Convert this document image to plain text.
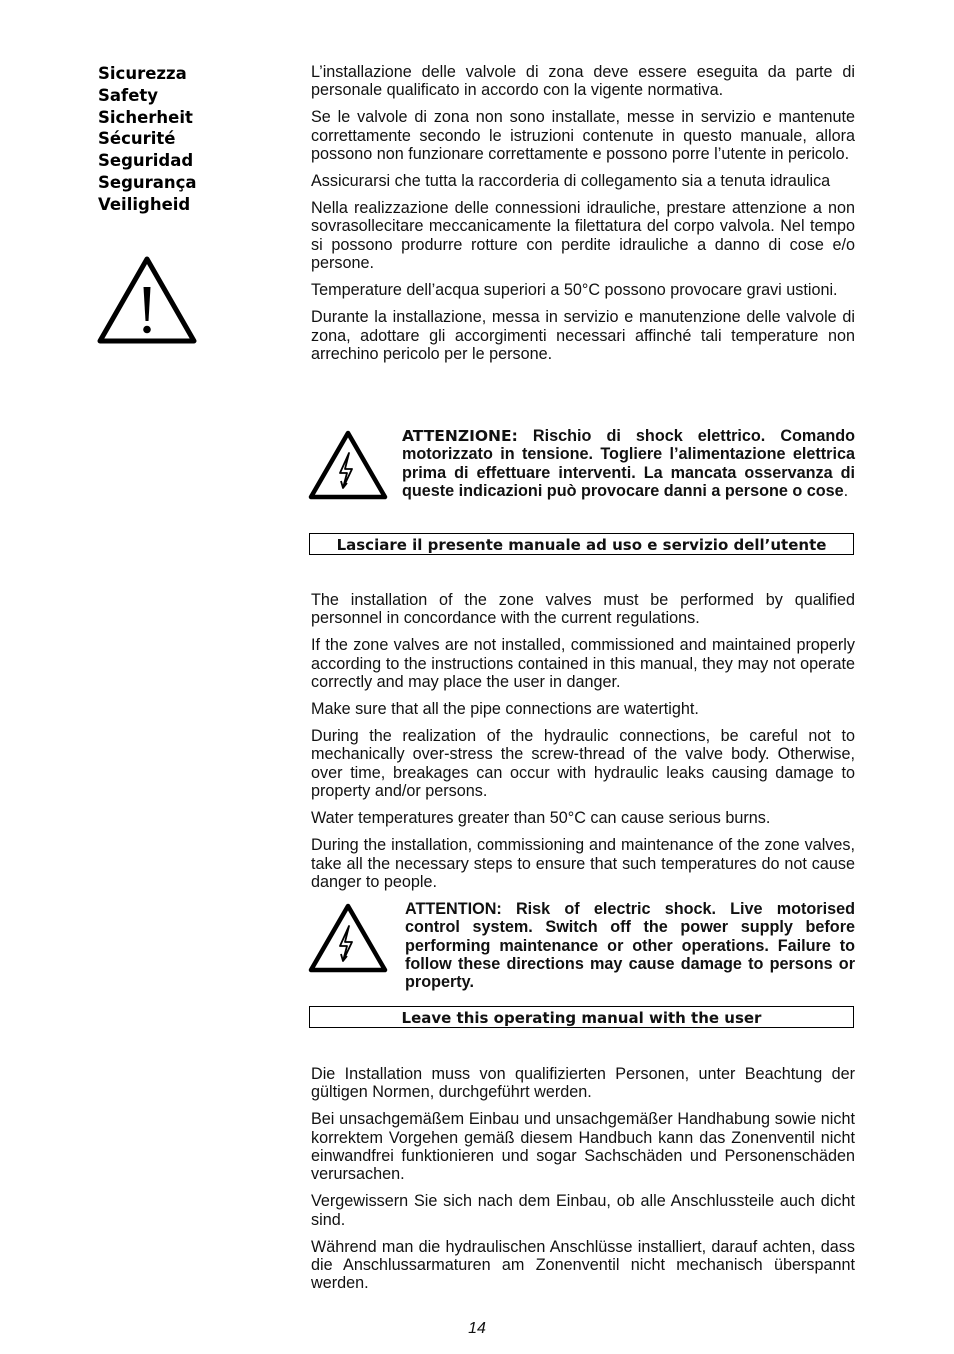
Sicurezza
Safety
Sicherheit
Sécurité
Seguridad
Segurança
Veiligheid

L’installazione delle valvole di zona deve essere eseguita da parte di personale qualificato in accordo con la vigente normativa.

Se le valvole di zona non sono installate, messe in servizio e mantenute correttamente secondo le istruzioni contenute in questo manuale, allora possono non funzionare correttamente e possono porre l’utente in pericolo.

Assicurarsi che tutta la raccorderia di collegamento sia a tenuta idraulica

Nella realizzazione delle connessioni idrauliche, prestare attenzione a non sovrasollecitare meccanicamente la filettatura del corpo valvola. Nel tempo si possono produrre rotture con perdite idrauliche a danno di cose e/o persone.

Temperature dell’acqua superiori a 50°C possono provocare gravi ustioni.

Durante la installazione, messa in servizio e manutenzione delle valvole di zona, adottare gli accorgimenti necessari affinché tali temperature non arrechino pericolo per le persone.

ATTENZIONE: Rischio di shock elettrico. Comando motorizzato in tensione. Togliere l’alimentazione elettrica prima di effettuare interventi. La mancata osservanza di queste indicazioni può provocare danni a persone o cose.
Lasciare il presente manuale ad uso e servizio dell’utente

The installation of the zone valves must be performed by qualified personnel in concordance with the current regulations.

If the zone valves are not installed, commissioned and maintained properly according to the instructions contained in this manual, they may not operate correctly and may place the user in danger.

Make sure that all the pipe connections are watertight.

During the realization of the hydraulic connections, be careful not to mechanically over-stress the screw-thread of the valve body. Otherwise, over time, breakages can occur with hydraulic leaks causing damage to property and/or persons.

Water temperatures greater than 50°C can cause serious burns.

During the installation, commissioning and maintenance of the zone valves, take all the necessary steps to ensure that such temperatures do not cause danger to people.

ATTENTION: Risk of electric shock. Live motorised control system. Switch off the power supply before performing maintenance or other operations. Failure to follow these directions may cause damage to persons or property.
Leave this operating manual with the user

Die Installation muss von qualifizierten Personen, unter Beachtung der gültigen Normen, durchgeführt werden.

Bei unsachgemäßem Einbau und unsachgemäßer Handhabung sowie nicht korrektem Vorgehen gemäß diesem Handbuch kann das Zonenventil nicht einwandfrei funktionieren und sogar Sachschäden und Personenschäden verursachen.

Vergewissern Sie sich nach dem Einbau, ob alle Anschlussteile auch dicht sind.

Während man die hydraulischen Anschlüsse installiert, darauf achten, dass die Anschlussarmaturen am Zonenventil nicht mechanisch überspannt werden.

14
